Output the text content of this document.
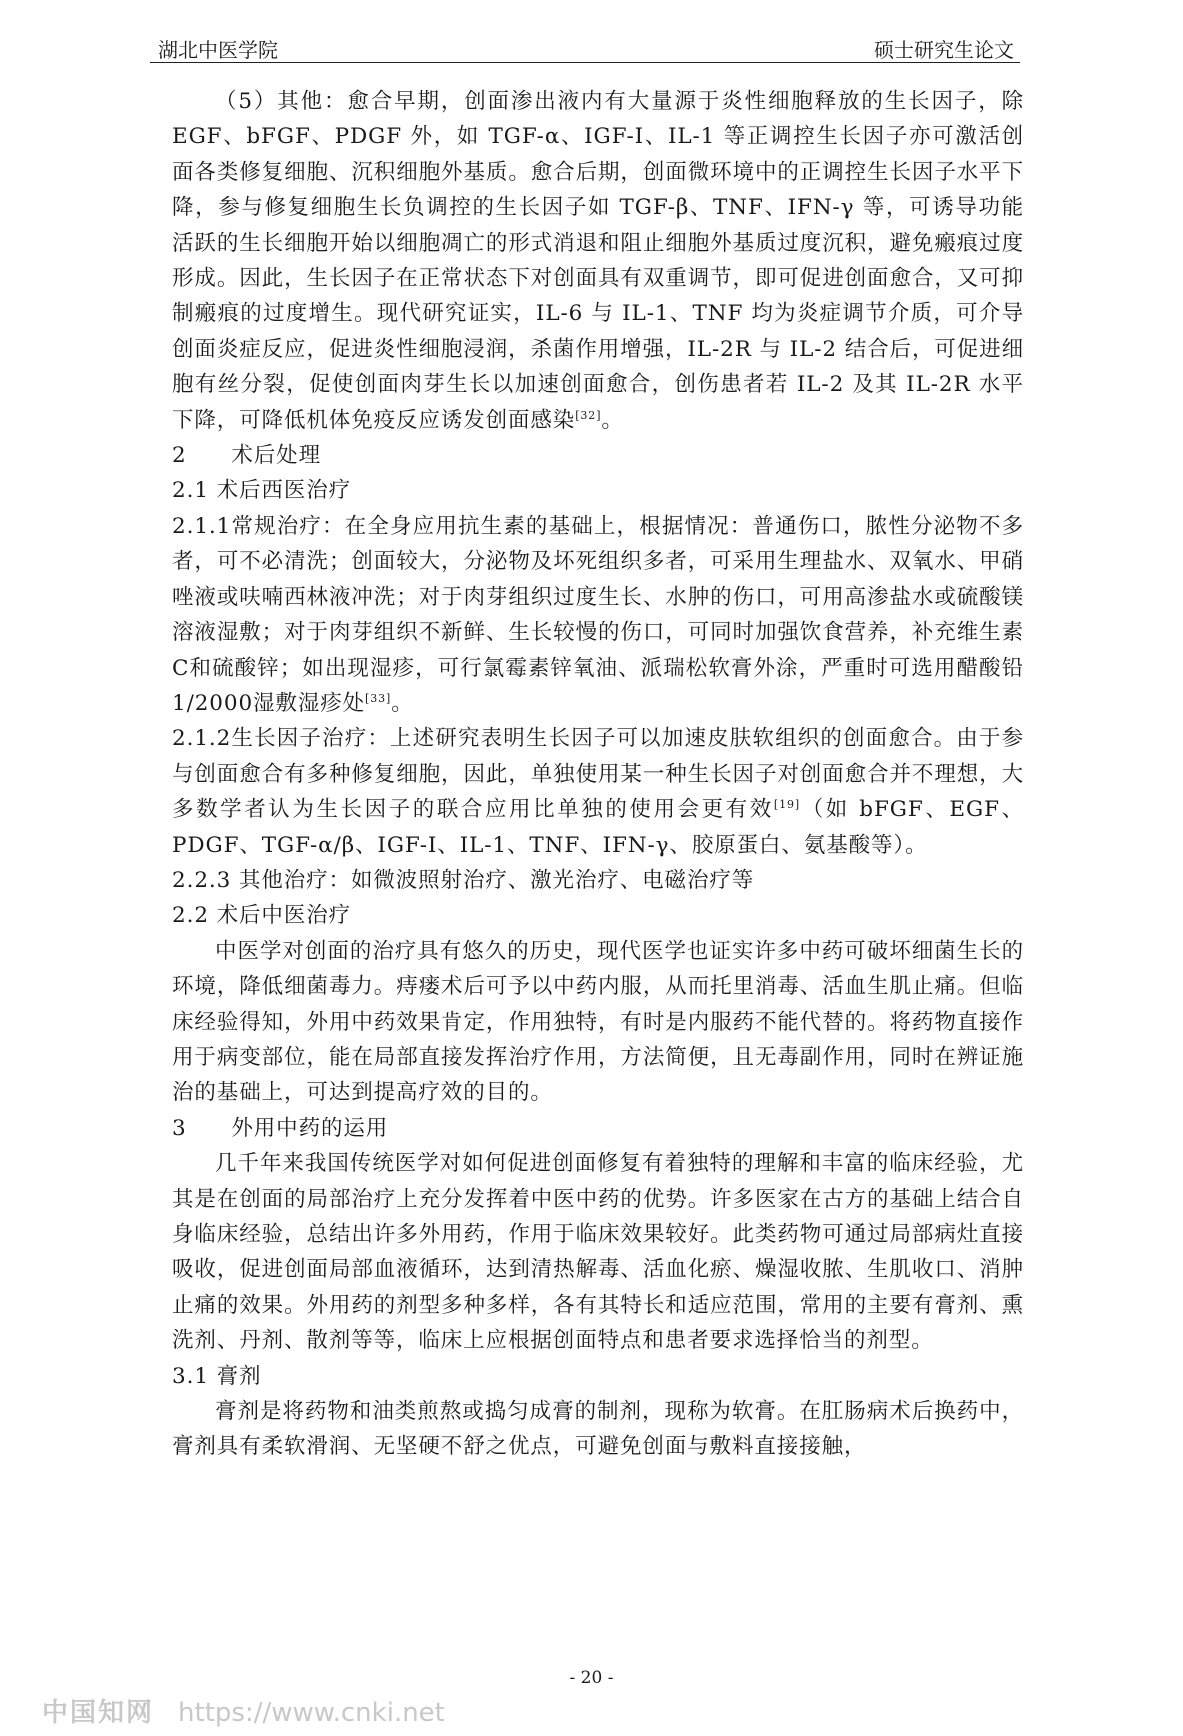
湖北中医学院	硕士研究生论文

（5）其他：愈合早期，创面渗出液内有大量源于炎性细胞释放的生长因子，除 EGF、bFGF、PDGF 外，如 TGF-α、IGF-I、IL-1 等正调控生长因子亦可激活创面各类修复细胞、沉积细胞外基质。愈合后期，创面微环境中的正调控生长因子水平下降，参与修复细胞生长负调控的生长因子如 TGF-β、TNF、IFN-γ 等，可诱导功能活跃的生长细胞开始以细胞凋亡的形式消退和阻止细胞外基质过度沉积，避免瘢痕过度形成。因此，生长因子在正常状态下对创面具有双重调节，即可促进创面愈合，又可抑制瘢痕的过度增生。现代研究证实，IL-6 与 IL-1、TNF 均为炎症调节介质，可介导创面炎症反应，促进炎性细胞浸润，杀菌作用增强，IL-2R 与 IL-2 结合后，可促进细胞有丝分裂，促使创面肉芽生长以加速创面愈合，创伤患者若 IL-2 及其 IL-2R 水平下降，可降低机体免疫反应诱发创面感染[32]。

2　　术后处理

2.1 术后西医治疗

2.1.1常规治疗：在全身应用抗生素的基础上，根据情况：普通伤口，脓性分泌物不多者，可不必清洗；创面较大，分泌物及坏死组织多者，可采用生理盐水、双氧水、甲硝唑液或呋喃西林液冲洗；对于肉芽组织过度生长、水肿的伤口，可用高渗盐水或硫酸镁溶液湿敷；对于肉芽组织不新鲜、生长较慢的伤口，可同时加强饮食营养，补充维生素C和硫酸锌；如出现湿疹，可行氯霉素锌氧油、派瑞松软膏外涂，严重时可选用醋酸铅1/2000湿敷湿疹处[33]。

2.1.2生长因子治疗：上述研究表明生长因子可以加速皮肤软组织的创面愈合。由于参与创面愈合有多种修复细胞，因此，单独使用某一种生长因子对创面愈合并不理想，大多数学者认为生长因子的联合应用比单独的使用会更有效[19]（如 bFGF、EGF、PDGF、TGF-α/β、IGF-I、IL-1、TNF、IFN-γ、胶原蛋白、氨基酸等）。

2.2.3 其他治疗：如微波照射治疗、激光治疗、电磁治疗等

2.2 术后中医治疗

中医学对创面的治疗具有悠久的历史，现代医学也证实许多中药可破坏细菌生长的环境，降低细菌毒力。痔瘘术后可予以中药内服，从而托里消毒、活血生肌止痛。但临床经验得知，外用中药效果肯定，作用独特，有时是内服药不能代替的。将药物直接作用于病变部位，能在局部直接发挥治疗作用，方法简便，且无毒副作用，同时在辨证施治的基础上，可达到提高疗效的目的。

3　　外用中药的运用

几千年来我国传统医学对如何促进创面修复有着独特的理解和丰富的临床经验，尤其是在创面的局部治疗上充分发挥着中医中药的优势。许多医家在古方的基础上结合自身临床经验，总结出许多外用药，作用于临床效果较好。此类药物可通过局部病灶直接吸收，促进创面局部血液循环，达到清热解毒、活血化瘀、燥湿收脓、生肌收口、消肿止痛的效果。外用药的剂型多种多样，各有其特长和适应范围，常用的主要有膏剂、熏洗剂、丹剂、散剂等等，临床上应根据创面特点和患者要求选择恰当的剂型。

3.1 膏剂

膏剂是将药物和油类煎熬或捣匀成膏的制剂，现称为软膏。在肛肠病术后换药中，膏剂具有柔软滑润、无坚硬不舒之优点，可避免创面与敷料直接接触，

- 20 -
中国知网 https://www.cnki.net
